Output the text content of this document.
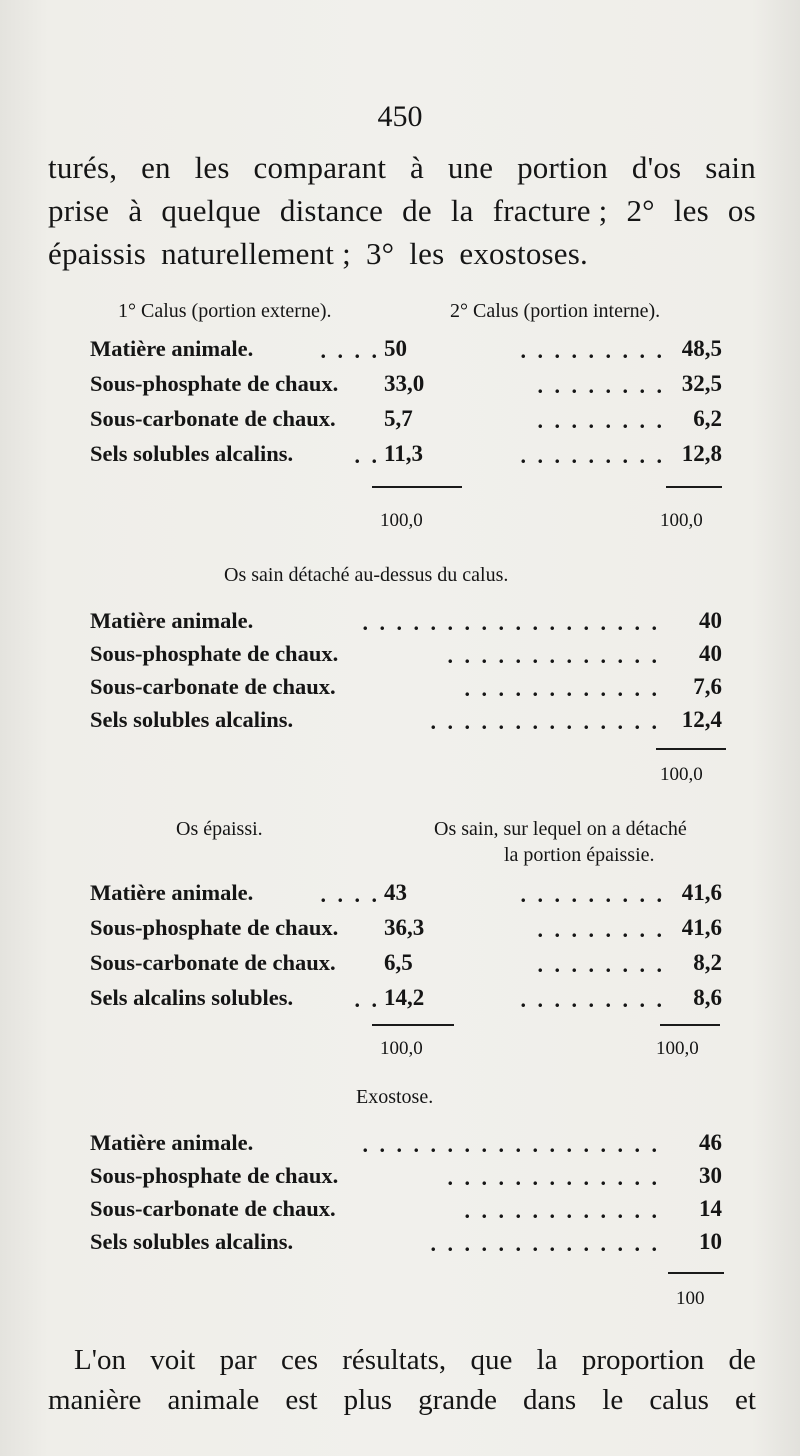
450
turés, en les comparant à une portion d'os sain
prise à quelque distance de la fracture ; 2° les os
épaissis naturellement ; 3° les exostoses.
1° Calus (portion externe).	2° Calus (portion interne).
Matière animale.	. . . . 50	. . . . . . . . . 48,5
Sous-phosphate de chaux. 33,0	. . . . . . . . 32,5
Sous-carbonate de chaux. 5,7	. . . . . . . .	6,2
Sels solubles alcalins.	. . 11,3	. . . . . . . . . 12,8
100,0	100,0
Os sain détaché au-dessus du calus.
Matière animale.	. . . . . . . . . . . . . . . . . .	40
Sous-phosphate de chaux.	. . . . . . . . . . . . .	40
Sous-carbonate de chaux.	. . . . . . . . . . . .	7,6
Sels solubles alcalins.	. . . . . . . . . . . . . . 12,4
100,0
Os épaissi.	Os sain, sur lequel on a détaché
la portion épaissie.
Matière animale.	. . . . 43	. . . . . . . . . 41,6
Sous-phosphate de chaux. 36,3	. . . . . . . . 41,6
Sous-carbonate de chaux. 6,5	. . . . . . . .	8,2
Sels alcalins solubles.	. . 14,2	. . . . . . . . .	8,6
100,0	100,0
Exostose.
Matière animale.	. . . . . . . . . . . . . . . . . .	46
Sous-phosphate de chaux.	. . . . . . . . . . . . .	30
Sous-carbonate de chaux.	. . . . . . . . . . . .	14
Sels solubles alcalins.	. . . . . . . . . . . . . .	10
100
L'on voit par ces résultats, que la proportion de
manière animale est plus grande dans le calus et
